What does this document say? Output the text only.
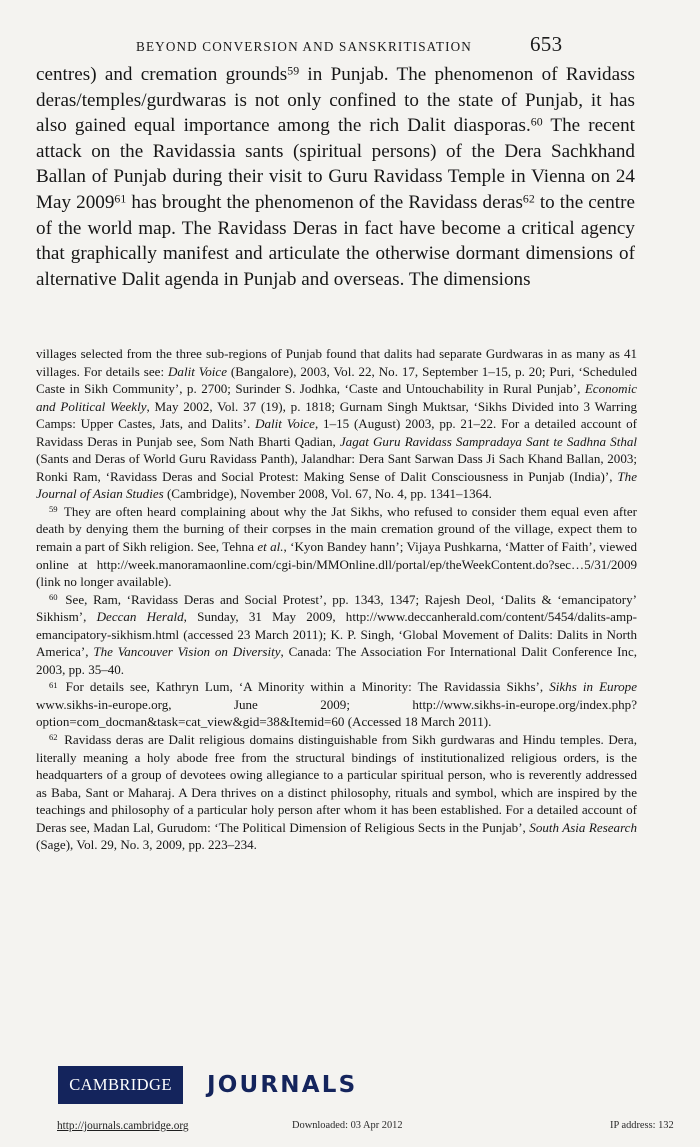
BEYOND CONVERSION AND SANSKRITISATION	653

centres) and cremation grounds$^{59}$ in Punjab. The phenomenon of Ravidass deras/temples/gurdwaras is not only confined to the state of Punjab, it has also gained equal importance among the rich Dalit diasporas.$^{60}$ The recent attack on the Ravidassia sants (spiritual persons) of the Dera Sachkhand Ballan of Punjab during their visit to Guru Ravidass Temple in Vienna on 24 May 2009$^{61}$ has brought the phenomenon of the Ravidass deras$^{62}$ to the centre of the world map. The Ravidass Deras in fact have become a critical agency that graphically manifest and articulate the otherwise dormant dimensions of alternative Dalit agenda in Punjab and overseas. The dimensions

villages selected from the three sub-regions of Punjab found that dalits had separate Gurdwaras in as many as 41 villages. For details see: Dalit Voice (Bangalore), 2003, Vol. 22, No. 17, September 1–15, p. 20; Puri, ‘Scheduled Caste in Sikh Community’, p. 2700; Surinder S. Jodhka, ‘Caste and Untouchability in Rural Punjab’, Economic and Political Weekly, May 2002, Vol. 37 (19), p. 1818; Gurnam Singh Muktsar, ‘Sikhs Divided into 3 Warring Camps: Upper Castes, Jats, and Dalits’. Dalit Voice, 1–15 (August) 2003, pp. 21–22. For a detailed account of Ravidass Deras in Punjab see, Som Nath Bharti Qadian, Jagat Guru Ravidass Sampradaya Sant te Sadhna Sthal (Sants and Deras of World Guru Ravidass Panth), Jalandhar: Dera Sant Sarwan Dass Ji Sach Khand Ballan, 2003; Ronki Ram, ‘Ravidass Deras and Social Protest: Making Sense of Dalit Consciousness in Punjab (India)’, The Journal of Asian Studies (Cambridge), November 2008, Vol. 67, No. 4, pp. 1341–1364.

$^{59}$ They are often heard complaining about why the Jat Sikhs, who refused to consider them equal even after death by denying them the burning of their corpses in the main cremation ground of the village, expect them to remain a part of Sikh religion. See, Tehna et al., ‘Kyon Bandey hann’; Vijaya Pushkarna, ‘Matter of Faith’, viewed online at http://week.manoramaonline.com/cgi-bin/MMOnline.dll/portal/ep/theWeekContent.do?sec…5/31/2009 (link no longer available).

$^{60}$ See, Ram, ‘Ravidass Deras and Social Protest’, pp. 1343, 1347; Rajesh Deol, ‘Dalits & ‘emancipatory’ Sikhism’, Deccan Herald, Sunday, 31 May 2009, http://www.deccanherald.com/content/5454/dalits-amp-emancipatory-sikhism.html (accessed 23 March 2011); K. P. Singh, ‘Global Movement of Dalits: Dalits in North America’, The Vancouver Vision on Diversity, Canada: The Association For International Dalit Conference Inc, 2003, pp. 35–40.

$^{61}$ For details see, Kathryn Lum, ‘A Minority within a Minority: The Ravidassia Sikhs’, Sikhs in Europe www.sikhs-in-europe.org, June 2009; http://www.sikhs-in-europe.org/index.php?option=com_docman&task=cat_view&gid=38&Itemid=60 (Accessed 18 March 2011).

$^{62}$ Ravidass deras are Dalit religious domains distinguishable from Sikh gurdwaras and Hindu temples. Dera, literally meaning a holy abode free from the structural bindings of institutionalized religious orders, is the headquarters of a group of devotees owing allegiance to a particular spiritual person, who is reverently addressed as Baba, Sant or Maharaj. A Dera thrives on a distinct philosophy, rituals and symbol, which are inspired by the teachings and philosophy of a particular holy person after whom it has been established. For a detailed account of Deras see, Madan Lal, Gurudom: ‘The Political Dimension of Religious Sects in the Punjab’, South Asia Research (Sage), Vol. 29, No. 3, 2009, pp. 223–234.

CAMBRIDGE	JOURNALS
http://journals.cambridge.org	Downloaded: 03 Apr 2012	IP address: 132
